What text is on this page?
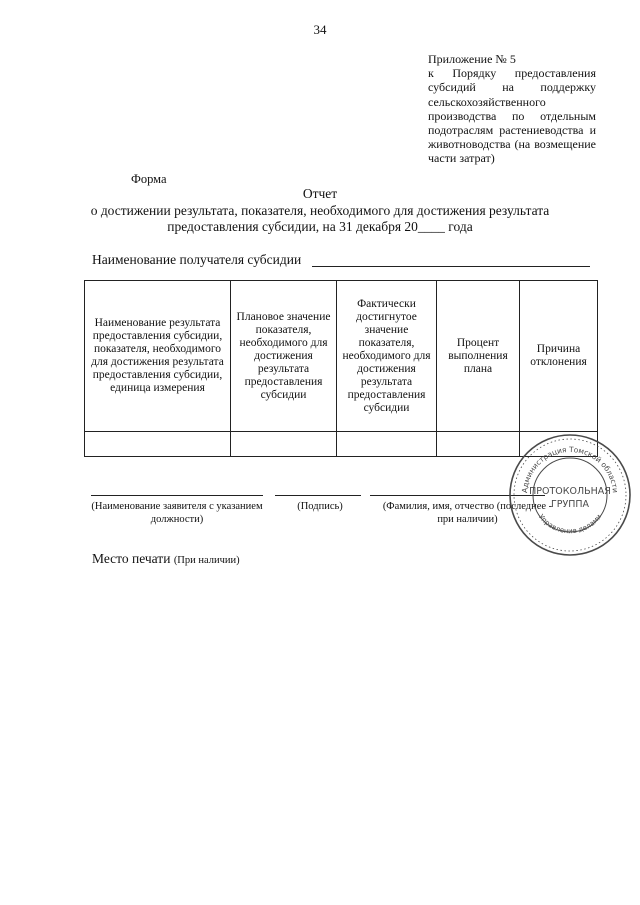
34
Приложение № 5
к Порядку предоставления субсидий на поддержку сельскохозяйственного производства по отдельным подотраслям растениеводства и животноводства (на возмещение части затрат)
Форма
Отчет
о достижении результата, показателя, необходимого для достижения результата
предоставления субсидии, на 31 декабря 20____ года
Наименование получателя субсидии
Наименование результата предоставления субсидии, показателя, необходимого для достижения результата предоставления субсидии, единица измерения	Плановое значение показателя, необходимого для достижения результата предоставления субсидии	Фактически достигнутое значение показателя, необходимого для достижения результата предоставления субсидии	Процент выполнения плана	Причина отклонения

(Наименование заявителя с указанием должности)
(Подпись)	(Фамилия, имя, отчество (последнее - при наличии)
Место печати (При наличии)
Администрация Томской области
Управление делами
ПРОТОКОЛЬНАЯ
ГРУППА
